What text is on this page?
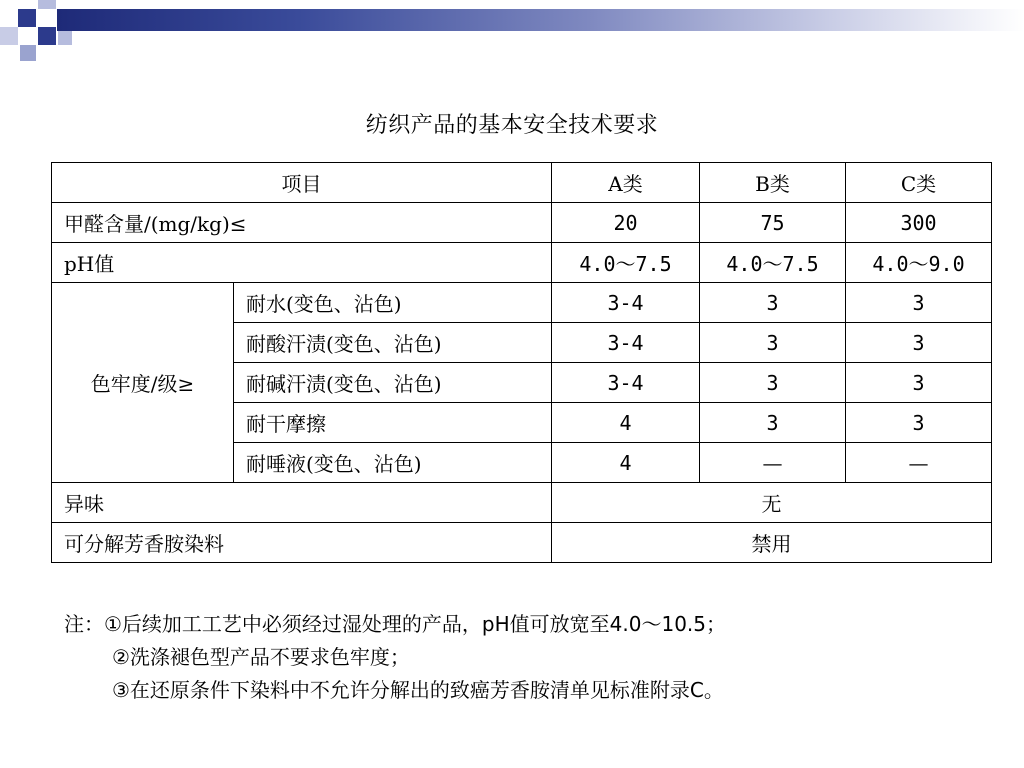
纺织产品的基本安全技术要求
项目		A类	B类	C类
甲醛含量/(mg/kg)≤		20	75	300
pH值		4.0～7.5	4.0～7.5	4.0～9.0
色牢度/级≥	耐水(变色、沾色)	3-4	3	3
	耐酸汗渍(变色、沾色)	3-4	3	3
	耐碱汗渍(变色、沾色)	3-4	3	3
	耐干摩擦	4	3	3
	耐唾液(变色、沾色)	4	—	—
异味		无		
可分解芳香胺染料		禁用		
注：①后续加工工艺中必须经过湿处理的产品，pH值可放宽至4.0～10.5；
②洗涤褪色型产品不要求色牢度；
③在还原条件下染料中不允许分解出的致癌芳香胺清单见标准附录C。
